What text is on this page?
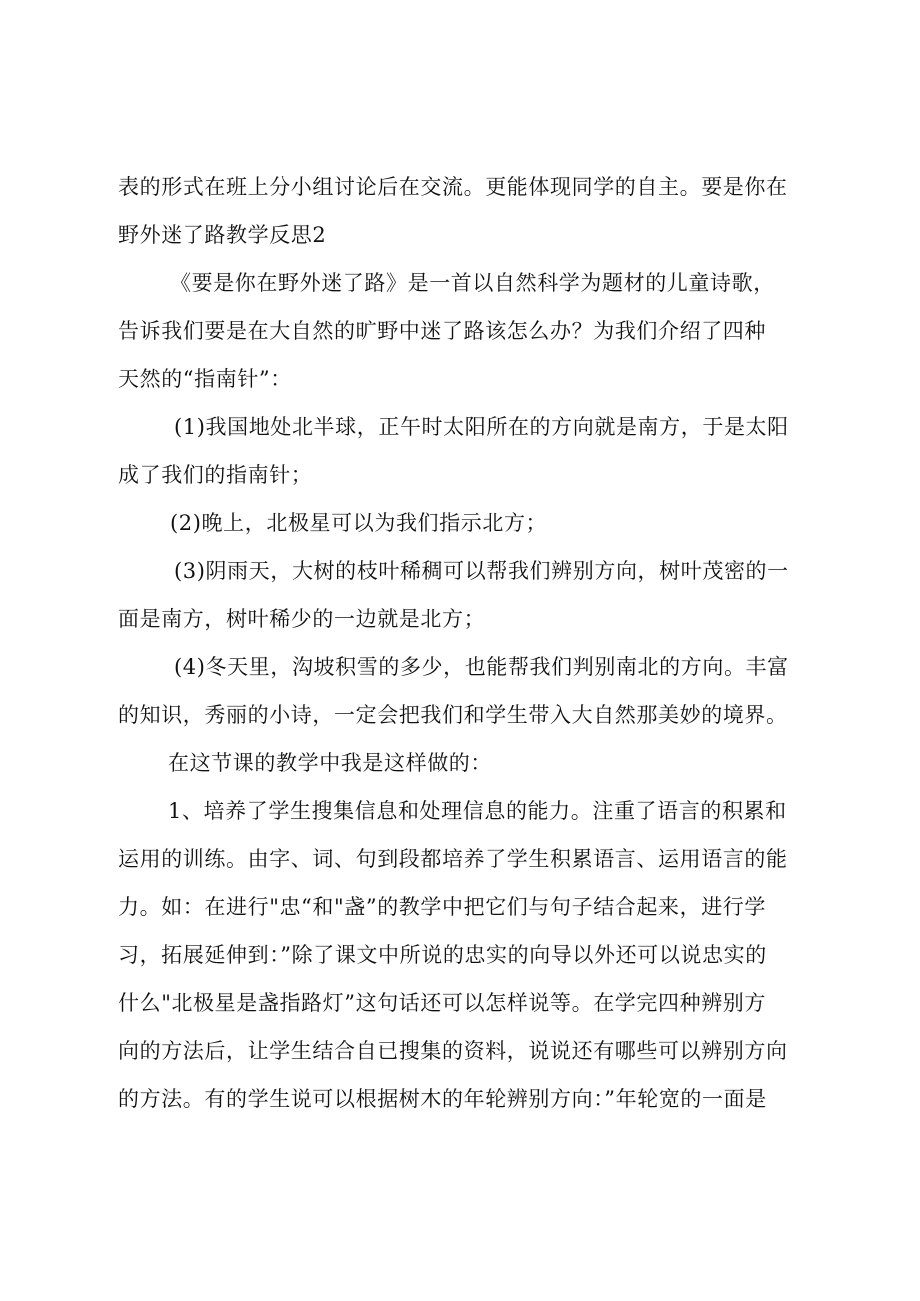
表的形式在班上分小组讨论后在交流。更能体现同学的自主。要是你在
野外迷了路教学反思2
《要是你在野外迷了路》是一首以自然科学为题材的儿童诗歌，
告诉我们要是在大自然的旷野中迷了路该怎么办？为我们介绍了四种
天然的“指南针”：
(1)我国地处北半球，正午时太阳所在的方向就是南方，于是太阳
成了我们的指南针；
(2)晚上，北极星可以为我们指示北方；
(3)阴雨天，大树的枝叶稀稠可以帮我们辨别方向，树叶茂密的一
面是南方，树叶稀少的一边就是北方；
(4)冬天里，沟坡积雪的多少，也能帮我们判别南北的方向。丰富
的知识，秀丽的小诗，一定会把我们和学生带入大自然那美妙的境界。
在这节课的教学中我是这样做的：
1、培养了学生搜集信息和处理信息的能力。注重了语言的积累和
运用的训练。由字、词、句到段都培养了学生积累语言、运用语言的能
力。如：在进行"忠“和"盏”的教学中把它们与句子结合起来，进行学
习，拓展延伸到：”除了课文中所说的忠实的向导以外还可以说忠实的
什么"北极星是盏指路灯”这句话还可以怎样说等。在学完四种辨别方
向的方法后，让学生结合自已搜集的资料，说说还有哪些可以辨别方向
的方法。有的学生说可以根据树木的年轮辨别方向：”年轮宽的一面是
